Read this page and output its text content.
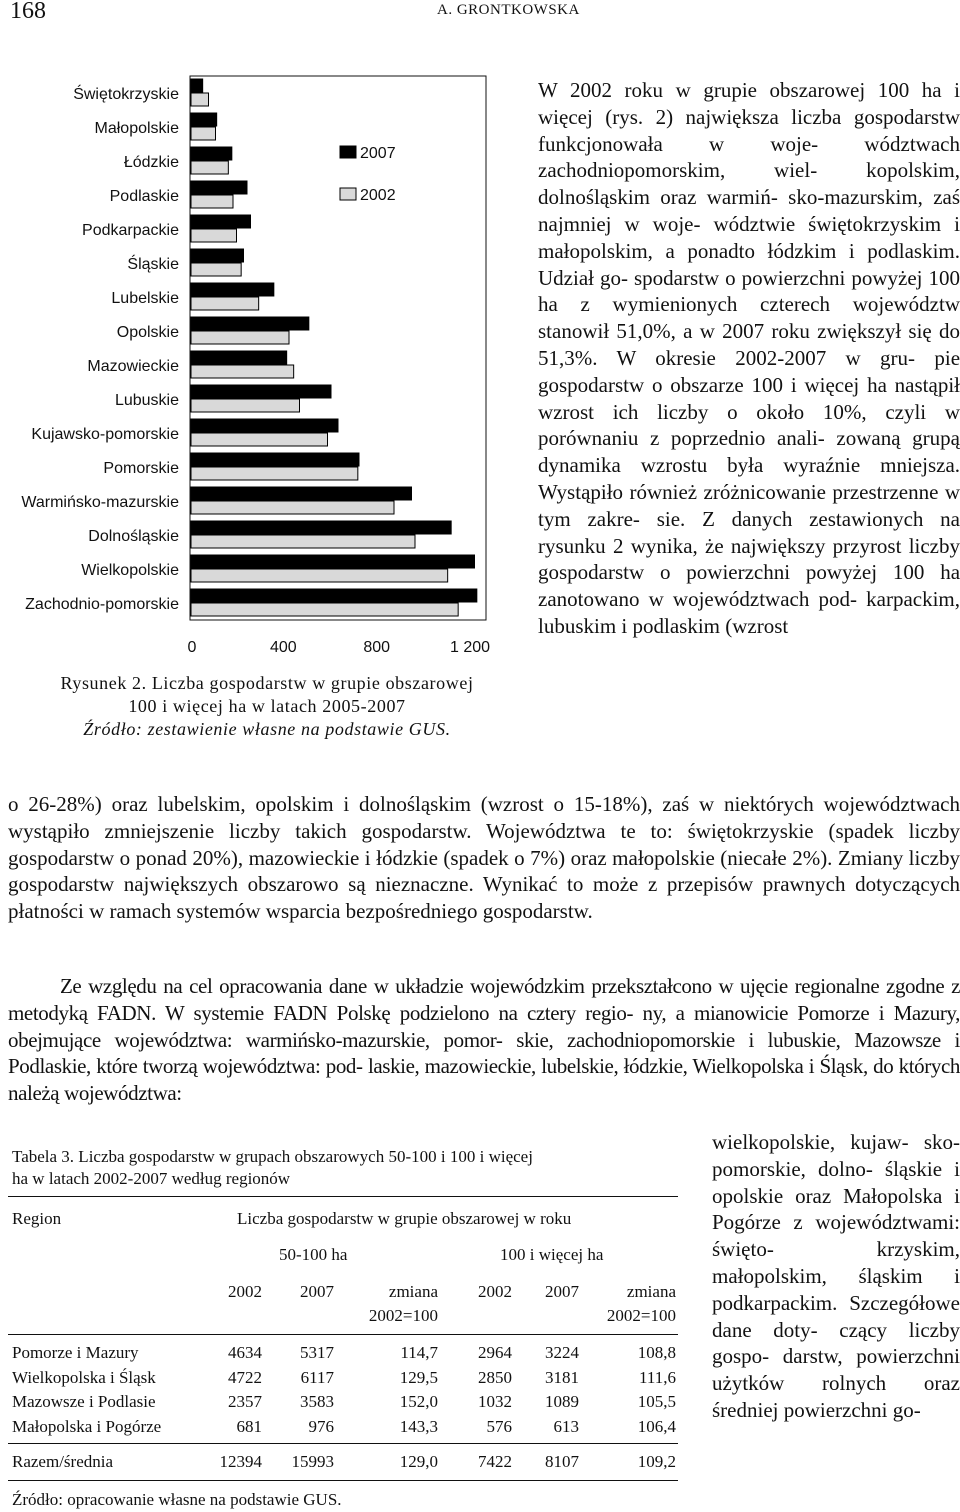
168	A. GRONTKOWSKA
Świętokrzyskie
Małopolskie
Łódzkie
Podlaskie
Podkarpackie
Śląskie
Lubelskie
Opolskie
Mazowieckie
Lubuskie
Kujawsko-pomorskie
Pomorskie
Warmińsko-mazurskie
Dolnośląskie
Wielkopolskie
Zachodnio-pomorskie
0	400	800	1 200
2007
2002
Rysunek 2. Liczba gospodarstw w grupie obszarowej
100 i więcej ha w latach 2005-2007
Źródło: zestawienie własne na podstawie GUS.
W 2002 roku w grupie obszarowej 100 ha i więcej (rys. 2) największa liczba gospodarstw funkcjonowała w woje- wództwach zachodniopomorskim, wiel- kopolskim, dolnośląskim oraz warmiń- sko-mazurskim, zaś najmniej w woje- wództwie świętokrzyskim i małopolskim, a ponadto łódzkim i podlaskim. Udział go- spodarstw o powierzchni powyżej 100 ha z wymienionych czterech województw stanowił 51,0%, a w 2007 roku zwiększył się do 51,3%. W okresie 2002-2007 w gru- pie gospodarstw o obszarze 100 i więcej ha nastąpił wzrost ich liczby o około 10%, czyli w porównaniu z poprzednio anali- zowaną grupą dynamika wzrostu była wyraźnie mniejsza. Wystąpiło również zróżnicowanie przestrzenne w tym zakre- sie. Z danych zestawionych na rysunku 2 wynika, że największy przyrost liczby gospodarstw o powierzchni powyżej 100 ha zanotowano w województwach pod- karpackim, lubuskim i podlaskim (wzrost
o 26-28%) oraz lubelskim, opolskim i dolnośląskim (wzrost o 15-18%), zaś w niektórych województwach wystąpiło zmniejszenie liczby takich gospodarstw. Województwa te to: świętokrzyskie (spadek liczby gospodarstw o ponad 20%), mazowieckie i łódzkie (spadek o 7%) oraz małopolskie (niecałe 2%). Zmiany liczby gospodarstw największych obszarowo są nieznaczne. Wynikać to może z przepisów prawnych dotyczących płatności w ramach systemów wsparcia bezpośredniego gospodarstw.
Ze względu na cel opracowania dane w układzie wojewódzkim przekształcono w ujęcie regionalne zgodne z metodyką FADN. W systemie FADN Polskę podzielono na cztery regio- ny, a mianowicie Pomorze i Mazury, obejmujące województwa: warmińsko-mazurskie, pomor- skie, zachodniopomorskie i lubuskie, Mazowsze i Podlaskie, które tworzą województwa: pod- laskie, mazowieckie, lubelskie, łódzkie, Wielkopolska i Śląsk, do których należą województwa:
wielkopolskie, kujaw- sko-pomorskie, dolno- śląskie i opolskie oraz Małopolska i Pogórze z województwami: święto-	krzyskim, małopolskim, śląskim i podkarpackim. Szczegółowe dane doty- czący liczby gospo- darstw, powierzchni użytków rolnych oraz średniej powierzchni go-
Tabela 3. Liczba gospodarstw w grupach obszarowych 50-100 i 100 i więcej
ha w latach 2002-2007 według regionów
Region	Liczba gospodarstw w grupie obszarowej w roku
50-100 ha	100 i więcej ha
2002	2007	zmiana
2002=100
2002	2007	zmiana
2002=100
Pomorze i Mazury	4634	5317	114,7	2964	3224	108,8
Wielkopolska i Śląsk	4722	6117	129,5	2850	3181	111,6
Mazowsze i Podlasie	2357	3583	152,0	1032	1089	105,5
Małopolska i Pogórze	681	976	143,3	576	613	106,4
Razem/średnia	12394	15993	129,0	7422	8107	109,2
Źródło: opracowanie własne na podstawie GUS.
